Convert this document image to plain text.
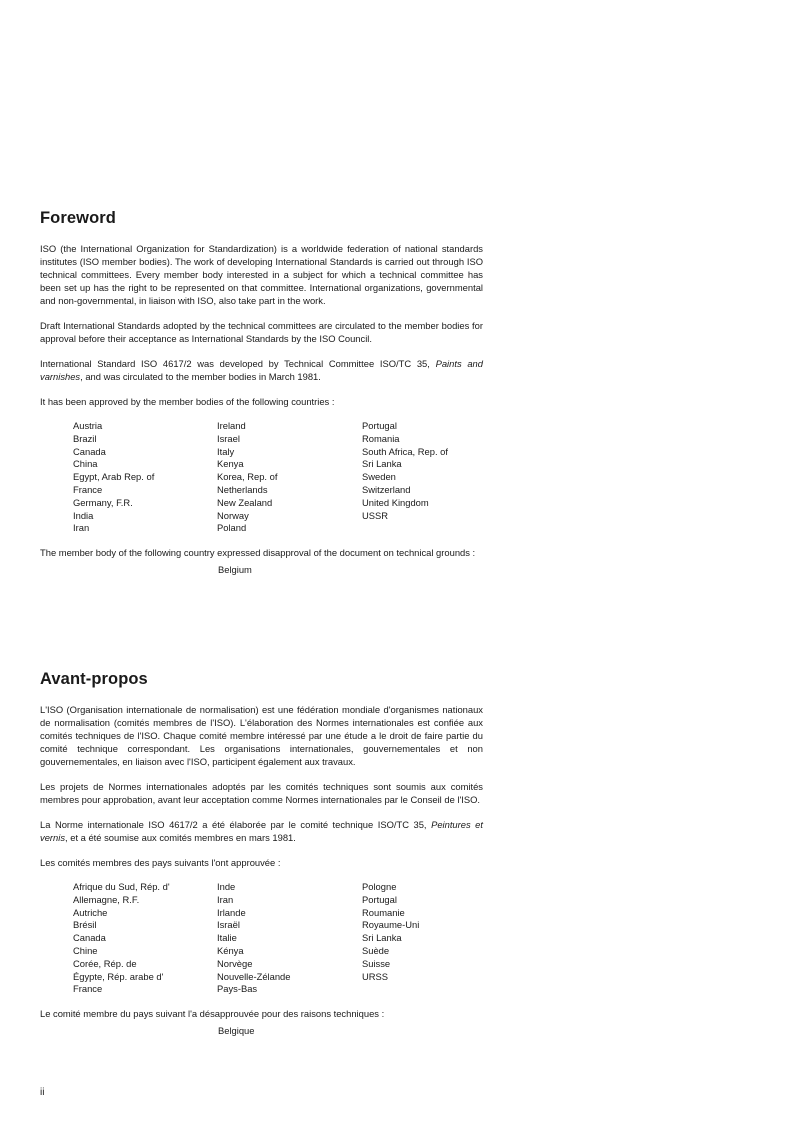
Foreword

ISO (the International Organization for Standardization) is a worldwide federation of national standards institutes (ISO member bodies). The work of developing International Standards is carried out through ISO technical committees. Every member body interested in a subject for which a technical committee has been set up has the right to be represented on that committee. International organizations, governmental and non-governmental, in liaison with ISO, also take part in the work.

Draft International Standards adopted by the technical committees are circulated to the member bodies for approval before their acceptance as International Standards by the ISO Council.

International Standard ISO 4617/2 was developed by Technical Committee ISO/TC 35, Paints and varnishes, and was circulated to the member bodies in March 1981.

It has been approved by the member bodies of the following countries :

Austria
Brazil
Canada
China
Egypt, Arab Rep. of
France
Germany, F.R.
India
Iran
Ireland
Israel
Italy
Kenya
Korea, Rep. of
Netherlands
New Zealand
Norway
Poland
Portugal
Romania
South Africa, Rep. of
Sri Lanka
Sweden
Switzerland
United Kingdom
USSR

The member body of the following country expressed disapproval of the document on technical grounds :

Belgium
Avant-propos

L'ISO (Organisation internationale de normalisation) est une fédération mondiale d'organismes nationaux de normalisation (comités membres de l'ISO). L'élaboration des Normes internationales est confiée aux comités techniques de l'ISO. Chaque comité membre intéressé par une étude a le droit de faire partie du comité technique correspondant. Les organisations internationales, gouvernementales et non gouvernementales, en liaison avec l'ISO, participent également aux travaux.

Les projets de Normes internationales adoptés par les comités techniques sont soumis aux comités membres pour approbation, avant leur acceptation comme Normes internationales par le Conseil de l'ISO.

La Norme internationale ISO 4617/2 a été élaborée par le comité technique ISO/TC 35, Peintures et vernis, et a été soumise aux comités membres en mars 1981.

Les comités membres des pays suivants l'ont approuvée :

Afrique du Sud, Rép. d'
Allemagne, R.F.
Autriche
Brésil
Canada
Chine
Corée, Rép. de
Égypte, Rép. arabe d'
France
Inde
Iran
Irlande
Israël
Italie
Kénya
Norvège
Nouvelle-Zélande
Pays-Bas
Pologne
Portugal
Roumanie
Royaume-Uni
Sri Lanka
Suède
Suisse
URSS

Le comité membre du pays suivant l'a désapprouvée pour des raisons techniques :

Belgique
ii
